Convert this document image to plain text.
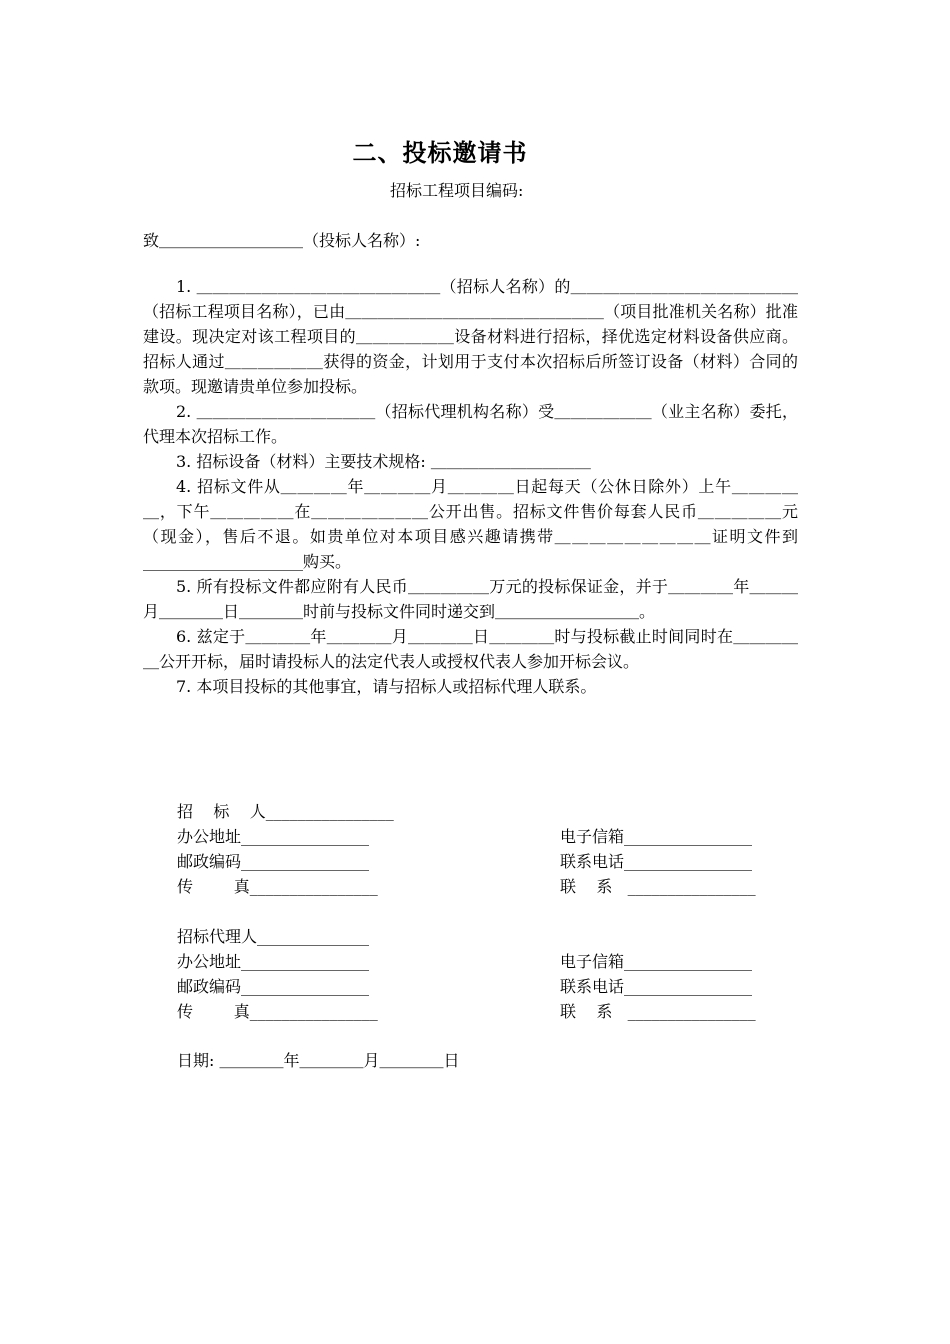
二、投标邀请书
招标工程项目编码:
致＿＿＿＿＿＿＿＿＿（投标人名称）:

1. ＿＿＿＿＿＿＿＿＿＿＿＿＿＿＿（招标人名称）的＿＿＿＿＿＿＿＿＿＿＿＿＿＿（招标工程项目名称），已由＿＿＿＿＿＿＿＿＿＿＿＿＿＿＿＿（项目批准机关名称）批准建设。现决定对该工程项目的＿＿＿＿＿＿设备材料进行招标，择优选定材料设备供应商。招标人通过＿＿＿＿＿＿获得的资金，计划用于支付本次招标后所签订设备（材料）合同的款项。现邀请贵单位参加投标。

2. ＿＿＿＿＿＿＿＿＿＿＿（招标代理机构名称）受＿＿＿＿＿＿（业主名称）委托，代理本次招标工作。

3. 招标设备（材料）主要技术规格: ＿＿＿＿＿＿＿＿＿＿

4. 招标文件从＿＿＿＿年＿＿＿＿月＿＿＿＿日起每天（公休日除外）上午＿＿＿＿＿，下午＿＿＿＿＿在＿＿＿＿＿＿＿公开出售。招标文件售价每套人民币＿＿＿＿＿元（现金），售后不退。如贵单位对本项目感兴趣请携带＿＿＿＿＿＿＿＿＿证明文件到____________________购买。

5. 所有投标文件都应附有人民币＿＿＿＿＿万元的投标保证金，并于＿＿＿＿年＿＿＿月＿＿＿＿日＿＿＿＿时前与投标文件同时递交到＿＿＿＿＿＿＿＿＿。

6. 兹定于＿＿＿＿年＿＿＿＿月＿＿＿＿日＿＿＿＿时与投标截止时间同时在＿＿＿＿＿公开开标，届时请投标人的法定代表人或授权代表人参加开标会议。

7. 本项目投标的其他事宜，请与招标人或招标代理人联系。

招    标    人________________
办公地址________________	电子信箱________________
邮政编码________________	联系电话________________
传        真________________	联    系   ________________
招标代理人______________
办公地址________________	电子信箱________________
邮政编码________________	联系电话________________
传        真________________	联    系   ________________
日期: ＿＿＿＿年＿＿＿＿月＿＿＿＿日
